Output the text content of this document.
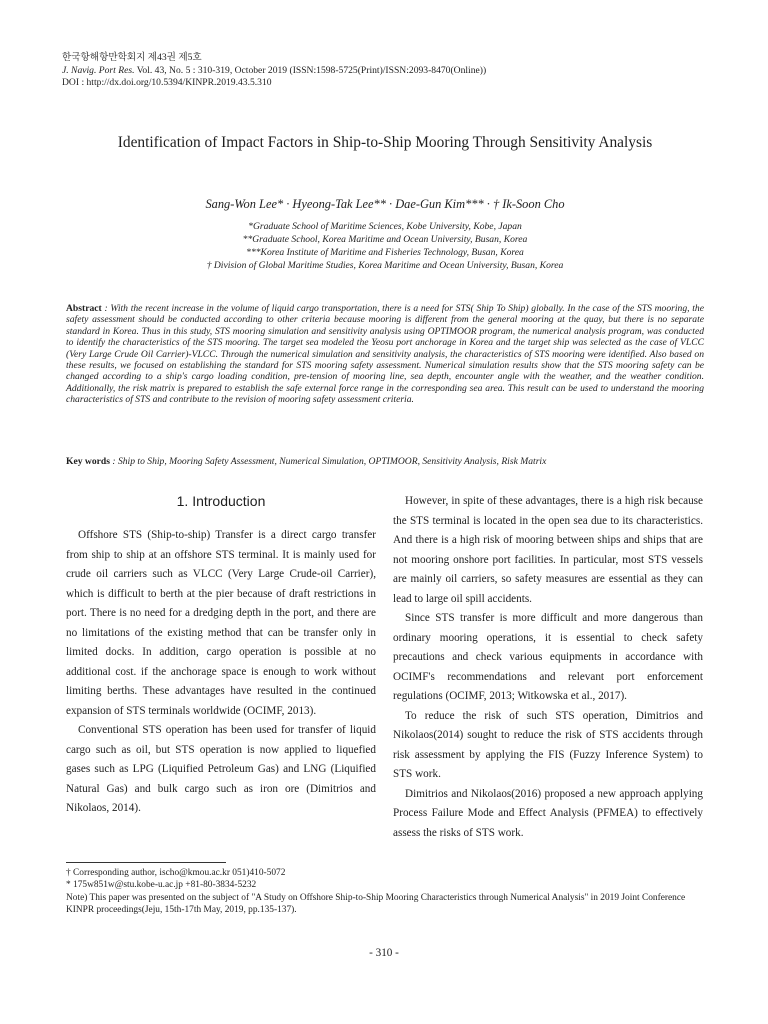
한국항해항만학회지 제43권 제5호
J. Navig. Port Res. Vol. 43, No. 5 : 310-319, October 2019 (ISSN:1598-5725(Print)/ISSN:2093-8470(Online))
DOI : http://dx.doi.org/10.5394/KINPR.2019.43.5.310
Identification of Impact Factors in Ship-to-Ship Mooring Through Sensitivity Analysis
Sang-Won Lee* · Hyeong-Tak Lee** · Dae-Gun Kim*** · † Ik-Soon Cho
*Graduate School of Maritime Sciences, Kobe University, Kobe, Japan
**Graduate School, Korea Maritime and Ocean University, Busan, Korea
***Korea Institute of Maritime and Fisheries Technology, Busan, Korea
† Division of Global Maritime Studies, Korea Maritime and Ocean University, Busan, Korea
Abstract : With the recent increase in the volume of liquid cargo transportation, there is a need for STS( Ship To Ship) globally. In the case of the STS mooring, the safety assessment should be conducted according to other criteria because mooring is different from the general mooring at the quay, but there is no separate standard in Korea. Thus in this study, STS mooring simulation and sensitivity analysis using OPTIMOOR program, the numerical analysis program, was conducted to identify the characteristics of the STS mooring. The target sea modeled the Yeosu port anchorage in Korea and the target ship was selected as the case of VLCC (Very Large Crude Oil Carrier)-VLCC. Through the numerical simulation and sensitivity analysis, the characteristics of STS mooring were identified. Also based on these results, we focused on establishing the standard for STS mooring safety assessment. Numerical simulation results show that the STS mooring safety can be changed according to a ship's cargo loading condition, pre-tension of mooring line, sea depth, encounter angle with the weather, and the weather condition. Additionally, the risk matrix is prepared to establish the safe external force range in the corresponding sea area. This result can be used to understand the mooring characteristics of STS and contribute to the revision of mooring safety assessment criteria.
Key words : Ship to Ship, Mooring Safety Assessment, Numerical Simulation, OPTIMOOR, Sensitivity Analysis, Risk Matrix
1. Introduction

Offshore STS (Ship-to-ship) Transfer is a direct cargo transfer from ship to ship at an offshore STS terminal. It is mainly used for crude oil carriers such as VLCC (Very Large Crude-oil Carrier), which is difficult to berth at the pier because of draft restrictions in port. There is no need for a dredging depth in the port, and there are no limitations of the existing method that can be transfer only in limited docks. In addition, cargo operation is possible at no additional cost. if the anchorage space is enough to work without limiting berths. These advantages have resulted in the continued expansion of STS terminals worldwide (OCIMF, 2013).

Conventional STS operation has been used for transfer of liquid cargo such as oil, but STS operation is now applied to liquefied gases such as LPG (Liquified Petroleum Gas) and LNG (Liquified Natural Gas) and bulk cargo such as iron ore (Dimitrios and Nikolaos, 2014).

However, in spite of these advantages, there is a high risk because the STS terminal is located in the open sea due to its characteristics. And there is a high risk of mooring between ships and ships that are not mooring onshore port facilities. In particular, most STS vessels are mainly oil carriers, so safety measures are essential as they can lead to large oil spill accidents.

Since STS transfer is more difficult and more dangerous than ordinary mooring operations, it is essential to check safety precautions and check various equipments in accordance with OCIMF's recommendations and relevant port enforcement regulations (OCIMF, 2013; Witkowska et al., 2017).

To reduce the risk of such STS operation, Dimitrios and Nikolaos(2014) sought to reduce the risk of STS accidents through risk assessment by applying the FIS (Fuzzy Inference System) to STS work.

Dimitrios and Nikolaos(2016) proposed a new approach applying Process Failure Mode and Effect Analysis (PFMEA) to effectively assess the risks of STS work.

† Corresponding author, ischo@kmou.ac.kr 051)410-5072
* 175w851w@stu.kobe-u.ac.jp +81-80-3834-5232
Note) This paper was presented on the subject of "A Study on Offshore Ship-to-Ship Mooring Characteristics through Numerical Analysis" in 2019 Joint Conference KINPR proceedings(Jeju, 15th-17th May, 2019, pp.135-137).
- 310 -
